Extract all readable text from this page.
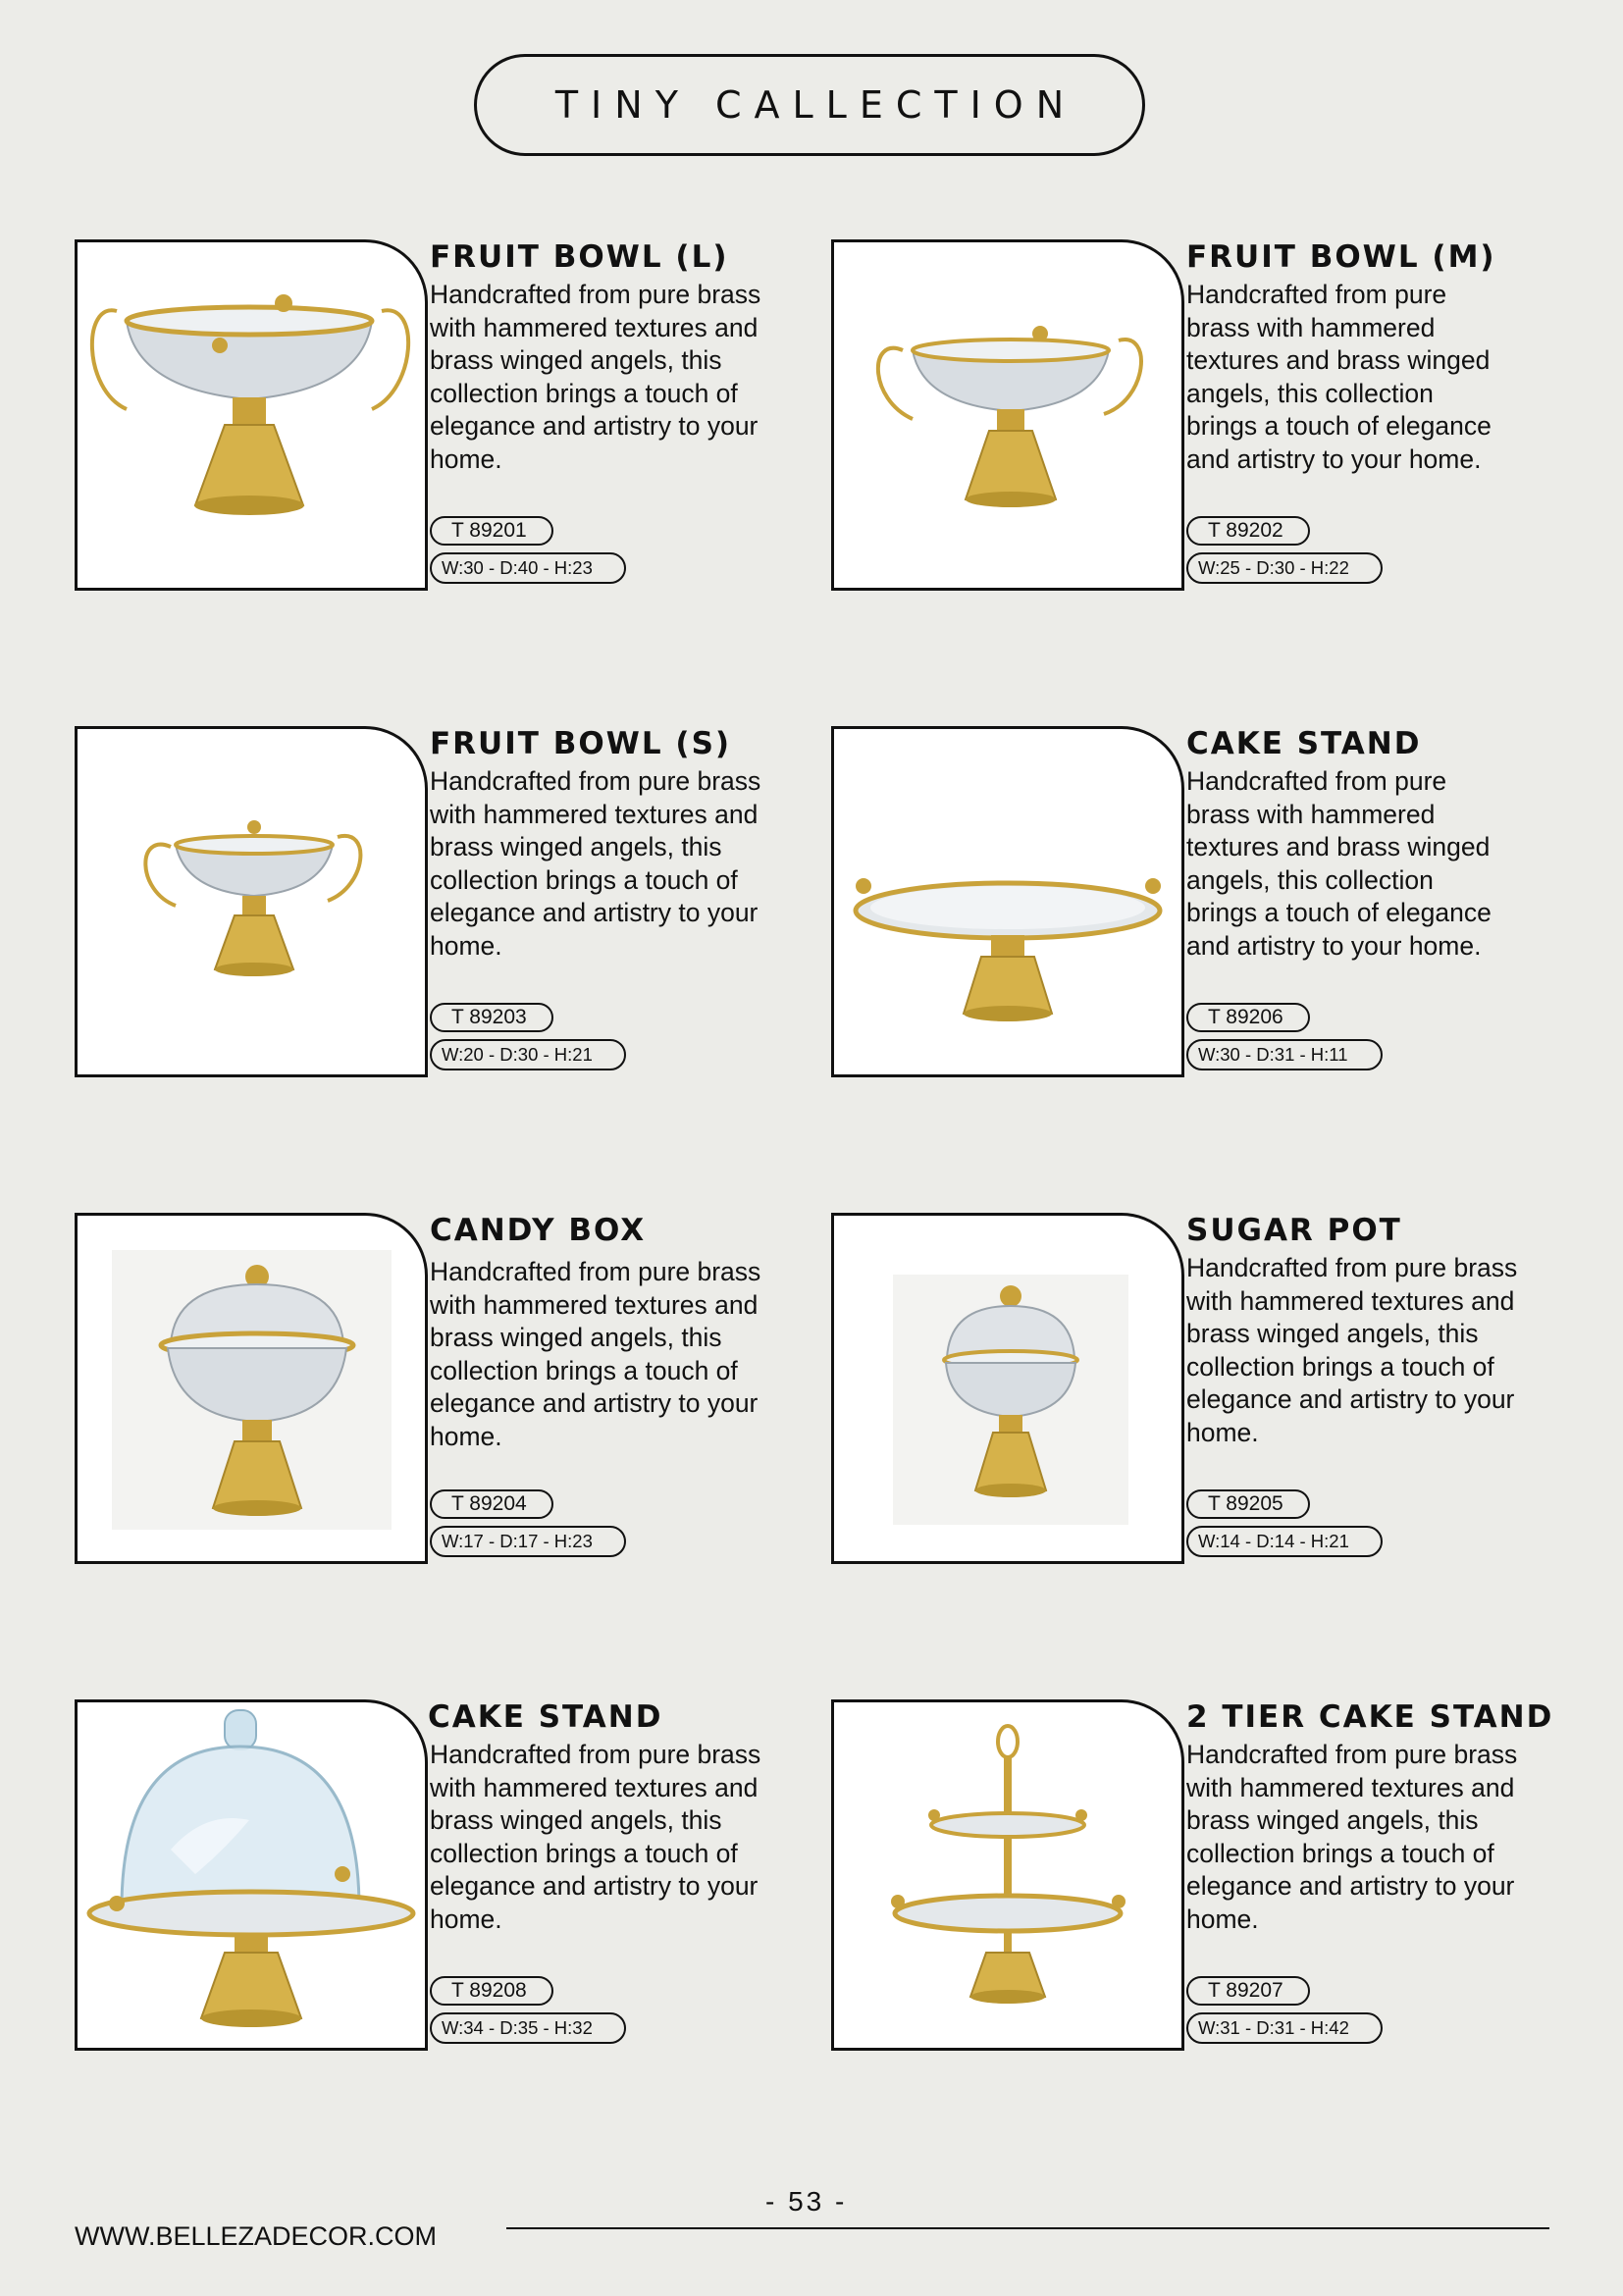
TINY CALLECTION
FRUIT BOWL (L)
Handcrafted from pure brass
with hammered textures and
brass winged angels, this
collection brings a touch of
elegance and artistry to your
home.
T 89201
W:30 - D:40 - H:23
FRUIT BOWL (M)
Handcrafted from pure
brass with hammered
textures and brass winged
angels, this collection
brings a touch of elegance
and artistry to your home.
T 89202
W:25 - D:30 - H:22
FRUIT BOWL (S)
Handcrafted from pure brass
with hammered textures and
brass winged angels, this
collection brings a touch of
elegance and artistry to your
home.
T 89203
W:20 - D:30 - H:21
CAKE STAND
Handcrafted from pure
brass with hammered
textures and brass winged
angels, this collection
brings a touch of elegance
and artistry to your home.
T 89206
W:30 - D:31 - H:11
CANDY BOX
Handcrafted from pure brass
with hammered textures and
brass winged angels, this
collection brings a touch of
elegance and artistry to your
home.
T 89204
W:17 - D:17 - H:23
SUGAR POT
Handcrafted from pure brass
with hammered textures and
brass winged angels, this
collection brings a touch of
elegance and artistry to your
home.
T 89205
W:14 - D:14 - H:21
CAKE STAND
Handcrafted from pure brass
with hammered textures and
brass winged angels, this
collection brings a touch of
elegance and artistry to your
home.
T 89208
W:34 - D:35 - H:32
2 TIER CAKE STAND
Handcrafted from pure brass
with hammered textures and
brass winged angels, this
collection brings a touch of
elegance and artistry to your
home.
T 89207
W:31 - D:31 - H:42
- 53 -
WWW.BELLEZADECOR.COM
